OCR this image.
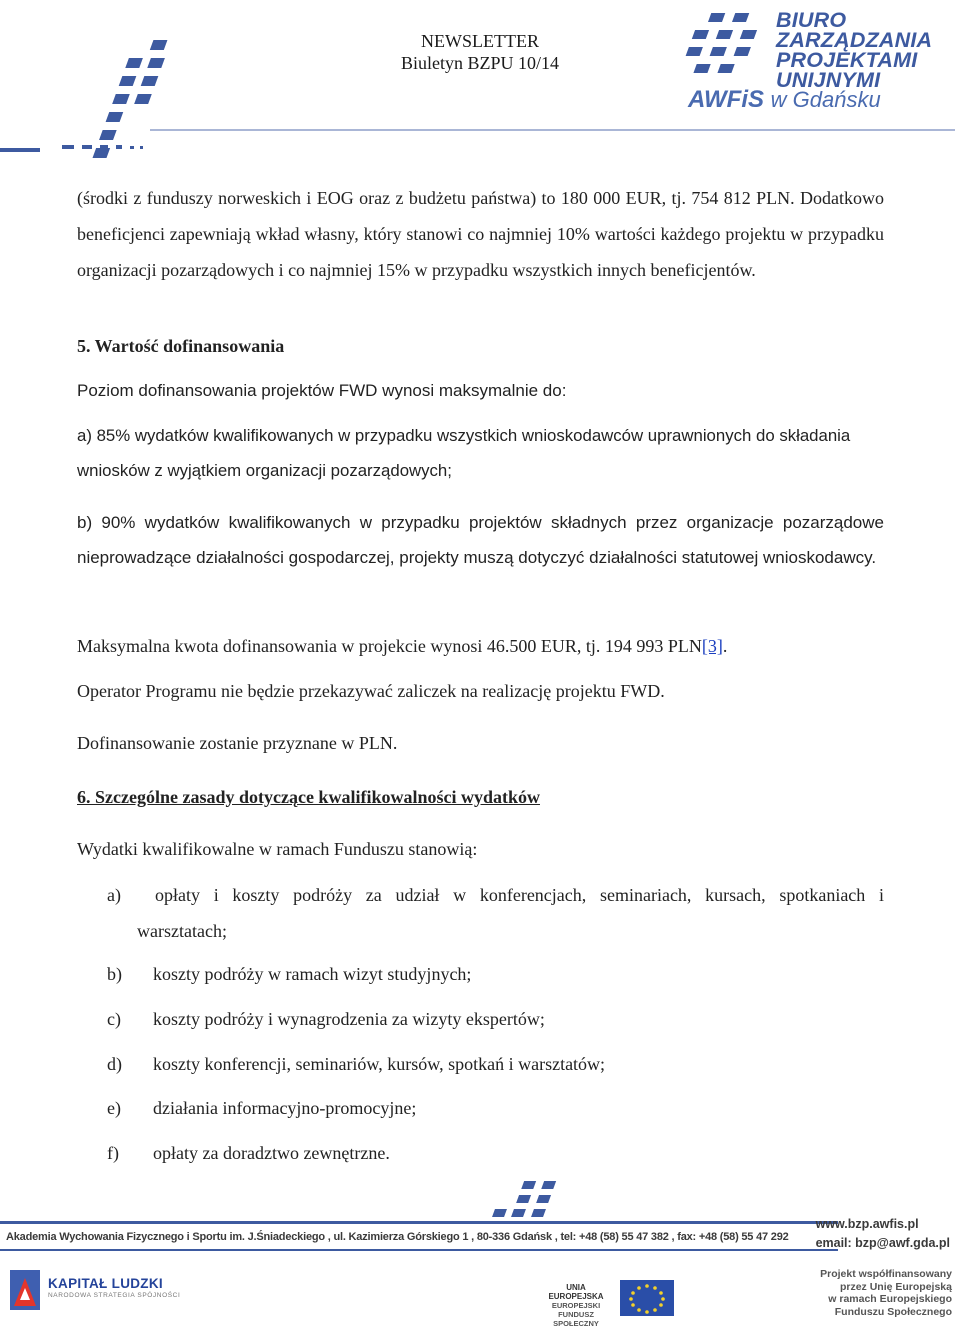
NEWSLETTER
Biuletyn BZPU 10/14
BIURO
ZARZĄDZANIA
PROJEKTAMI
UNIJNYMI
AWFiS w Gdańsku

(środki z funduszy norweskich i EOG oraz z budżetu państwa) to 180 000 EUR, tj. 754 812 PLN. Dodatkowo beneficjenci zapewniają wkład własny, który stanowi co najmniej 10% wartości każdego projektu w przypadku organizacji pozarządowych i co najmniej 15% w przypadku wszystkich innych beneficjentów.

5. Wartość dofinansowania

Poziom dofinansowania projektów FWD wynosi maksymalnie do:

a) 85% wydatków kwalifikowanych w przypadku wszystkich wnioskodawców uprawnionych do składania wniosków z wyjątkiem organizacji pozarządowych;

b) 90% wydatków kwalifikowanych w przypadku projektów składnych przez organizacje pozarządowe nieprowadzące działalności gospodarczej, projekty muszą dotyczyć działalności statutowej wnioskodawcy.

Maksymalna kwota dofinansowania w projekcie wynosi 46.500 EUR, tj. 194 993 PLN[3].

Operator Programu nie będzie przekazywać zaliczek na realizację projektu FWD.

Dofinansowanie zostanie przyznane w PLN.

6. Szczególne zasady dotyczące kwalifikowalności wydatków

Wydatki kwalifikowalne w ramach Funduszu stanowią:

a)	opłaty i koszty podróży za udział w konferencjach, seminariach, kursach, spotkaniach i
warsztatach;

b) koszty podróży w ramach wizyt studyjnych;

c) koszty podróży i wynagrodzenia za wizyty ekspertów;

d) koszty konferencji, seminariów, kursów, spotkań i warsztatów;

e) działania informacyjno-promocyjne;

f) opłaty za doradztwo zewnętrzne.

Akademia Wychowania Fizycznego i Sportu im. J.Śniadeckiego , ul. Kazimierza Górskiego 1 , 80-336 Gdańsk , tel: +48 (58) 55 47 382 , fax: +48 (58) 55 47 292
www.bzp.awfis.pl
email: bzp@awf.gda.pl
KAPITAŁ LUDZKI
NARODOWA STRATEGIA SPÓJNOŚCI
UNIA EUROPEJSKA
EUROPEJSKI
FUNDUSZ SPOŁECZNY
Projekt współfinansowany
przez Unię Europejską
w ramach Europejskiego
Funduszu Społecznego
